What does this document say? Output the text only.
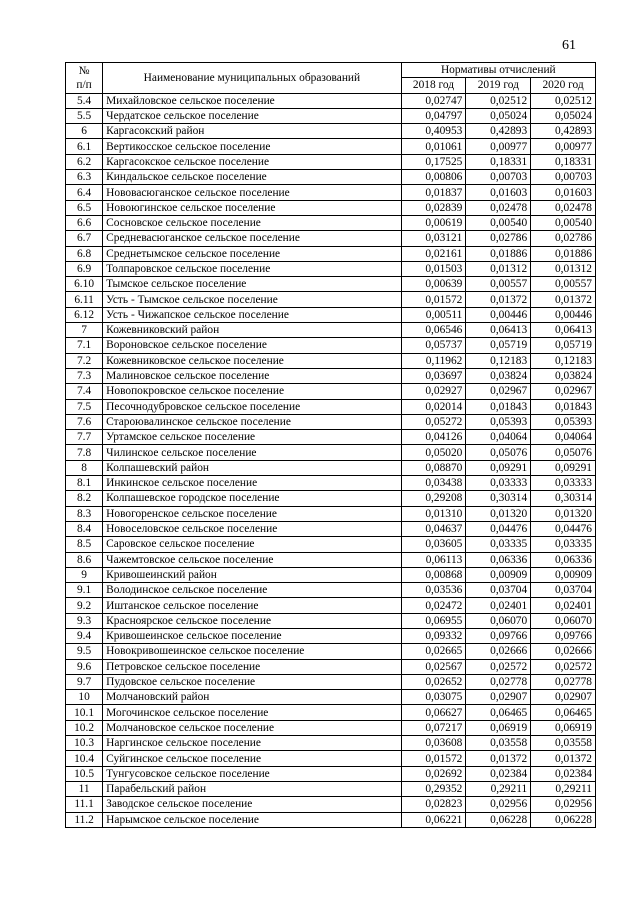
61
№
п/п	Наименование муниципальных образований	Нормативы отчислений		
		2018 год	2019 год	2020 год
5.4	Михайловское сельское поселение	0,02747	0,02512	0,02512
5.5	Чердатское сельское поселение	0,04797	0,05024	0,05024
6	Каргасокский район	0,40953	0,42893	0,42893
6.1	Вертикосское сельское поселение	0,01061	0,00977	0,00977
6.2	Каргасокское сельское поселение	0,17525	0,18331	0,18331
6.3	Киндальское сельское поселение	0,00806	0,00703	0,00703
6.4	Нововасюганское сельское поселение	0,01837	0,01603	0,01603
6.5	Новоюгинское сельское поселение	0,02839	0,02478	0,02478
6.6	Сосновское сельское поселение	0,00619	0,00540	0,00540
6.7	Средневасюганское сельское поселение	0,03121	0,02786	0,02786
6.8	Среднетымское сельское поселение	0,02161	0,01886	0,01886
6.9	Толпаровское сельское поселение	0,01503	0,01312	0,01312
6.10	Тымское сельское поселение	0,00639	0,00557	0,00557
6.11	Усть - Тымское сельское поселение	0,01572	0,01372	0,01372
6.12	Усть - Чижапское сельское поселение	0,00511	0,00446	0,00446
7	Кожевниковский район	0,06546	0,06413	0,06413
7.1	Вороновское сельское поселение	0,05737	0,05719	0,05719
7.2	Кожевниковское сельское поселение	0,11962	0,12183	0,12183
7.3	Малиновское сельское поселение	0,03697	0,03824	0,03824
7.4	Новопокровское сельское поселение	0,02927	0,02967	0,02967
7.5	Песочнодубровское сельское поселение	0,02014	0,01843	0,01843
7.6	Староювалинское сельское поселение	0,05272	0,05393	0,05393
7.7	Уртамское сельское поселение	0,04126	0,04064	0,04064
7.8	Чилинское сельское поселение	0,05020	0,05076	0,05076
8	Колпашевский район	0,08870	0,09291	0,09291
8.1	Инкинское сельское поселение	0,03438	0,03333	0,03333
8.2	Колпашевское городское поселение	0,29208	0,30314	0,30314
8.3	Новогоренское сельское поселение	0,01310	0,01320	0,01320
8.4	Новоселовское сельское поселение	0,04637	0,04476	0,04476
8.5	Саровское сельское поселение	0,03605	0,03335	0,03335
8.6	Чажемтовское сельское поселение	0,06113	0,06336	0,06336
9	Кривошеинский район	0,00868	0,00909	0,00909
9.1	Володинское сельское поселение	0,03536	0,03704	0,03704
9.2	Иштанское сельское поселение	0,02472	0,02401	0,02401
9.3	Красноярское сельское поселение	0,06955	0,06070	0,06070
9.4	Кривошеинское сельское поселение	0,09332	0,09766	0,09766
9.5	Новокривошеинское сельское поселение	0,02665	0,02666	0,02666
9.6	Петровское сельское поселение	0,02567	0,02572	0,02572
9.7	Пудовское сельское поселение	0,02652	0,02778	0,02778
10	Молчановский район	0,03075	0,02907	0,02907
10.1	Могочинское сельское поселение	0,06627	0,06465	0,06465
10.2	Молчановское сельское поселение	0,07217	0,06919	0,06919
10.3	Наргинское сельское поселение	0,03608	0,03558	0,03558
10.4	Суйгинское сельское поселение	0,01572	0,01372	0,01372
10.5	Тунгусовское сельское поселение	0,02692	0,02384	0,02384
11	Парабельский район	0,29352	0,29211	0,29211
11.1	Заводское сельское поселение	0,02823	0,02956	0,02956
11.2	Нарымское сельское поселение	0,06221	0,06228	0,06228
